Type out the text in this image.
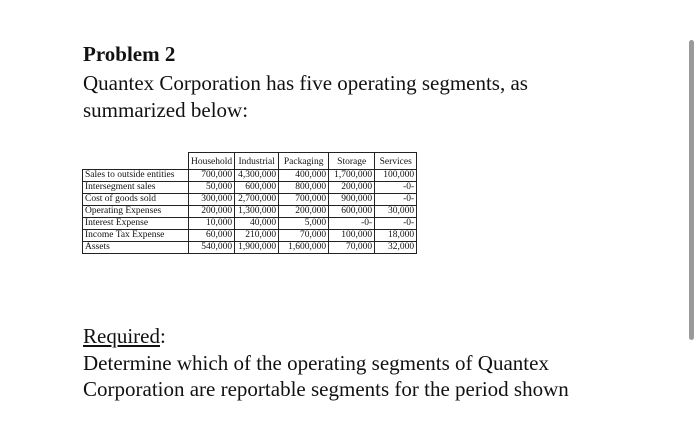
Problem 2

Quantex Corporation has five operating segments, as summarized below:

	Household	Industrial	Packaging	Storage	Services
Sales to outside entities	700,000	4,300,000	400,000	1,700,000	100,000
Intersegment sales	50,000	600,000	800,000	200,000	-0-
Cost of goods sold	300,000	2,700,000	700,000	900,000	-0-
Operating Expenses	200,000	1,300,000	200,000	600,000	30,000
Interest Expense	10,000	40,000	5,000	-0-	-0-
Income Tax Expense	60,000	210,000	70,000	100,000	18,000
Assets	540,000	1,900,000	1,600,000	70,000	32,000

Required:

Determine which of the operating segments of Quantex Corporation are reportable segments for the period shown
